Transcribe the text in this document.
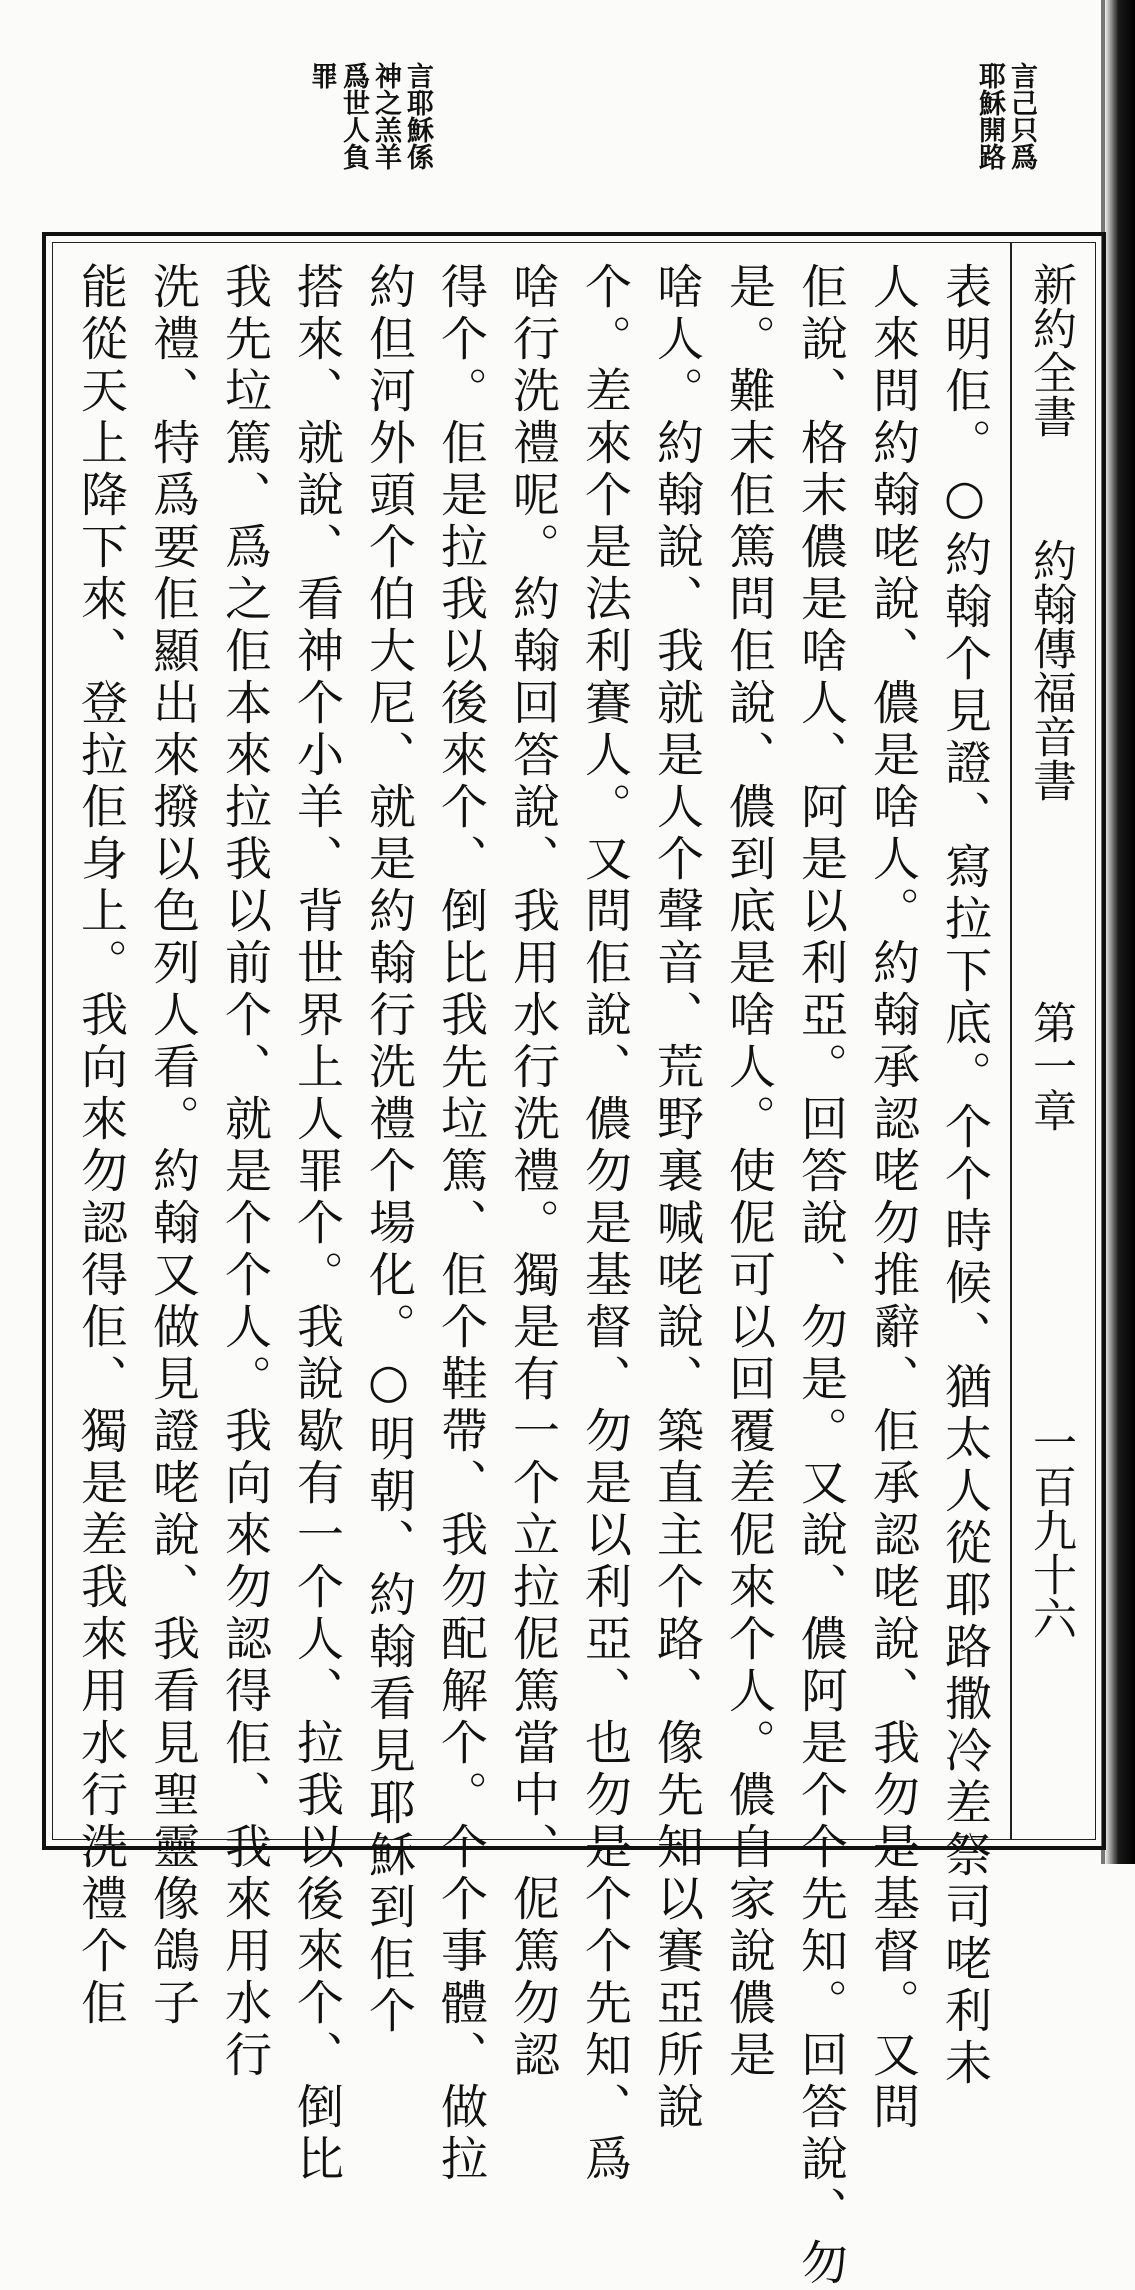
言己只爲
耶穌開路
言耶穌係
神之羔羊
爲世人負
罪
新約全書
約翰傳福音書
第一章
一百九十六
表明佢。○約翰个見證、寫拉下底。个个時候、猶太人從耶路撒冷差祭司咾利未
人來問約翰咾說、儂是啥人。約翰承認咾勿推辭、佢承認咾說、我勿是基督。又問
佢說、格末儂是啥人、阿是以利亞。回答說、勿是。又說、儂阿是个个先知。回答說、勿
是。難末佢篤問佢說、儂到底是啥人。使伲可以回覆差伲來个人。儂自家說儂是
啥人。約翰說、我就是人个聲音、荒野裏喊咾說、築直主个路、像先知以賽亞所說
个。差來个是法利賽人。又問佢說、儂勿是基督、勿是以利亞、也勿是个个先知、爲
啥行洗禮呢。約翰回答說、我用水行洗禮。獨是有一个立拉伲篤當中、伲篤勿認
得个。佢是拉我以後來个、倒比我先垃篤、佢个鞋帶、我勿配解个。个个事體、做拉
約但河外頭个伯大尼、就是約翰行洗禮个場化。○明朝、約翰看見耶穌到佢个
搭來、就說、看神个小羊、背世界上人罪个。我說歇有一个人、拉我以後來个、倒比
我先垃篤、爲之佢本來拉我以前个、就是个个人。我向來勿認得佢、我來用水行
洗禮、特爲要佢顯出來撥以色列人看。約翰又做見證咾說、我看見聖靈像鴿子
能從天上降下來、登拉佢身上。我向來勿認得佢、獨是差我來用水行洗禮个佢
